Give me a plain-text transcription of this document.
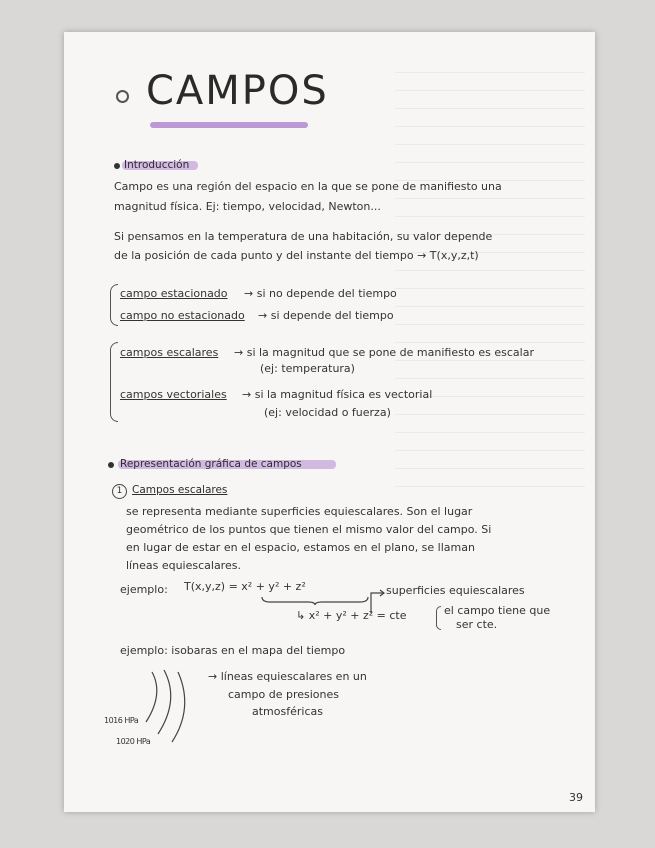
CAMPOS
Introducción
Campo es una región del espacio en la que se pone de manifiesto una
magnitud física. Ej: tiempo, velocidad, Newton...
Si pensamos en la temperatura de una habitación, su valor depende
de la posición de cada punto y del instante del tiempo → T(x,y,z,t)
campo estacionado → si no depende del tiempo
campo no estacionado → si depende del tiempo
campos escalares → si la magnitud que se pone de manifiesto es escalar
(ej: temperatura)
campos vectoriales → si la magnitud física es vectorial
(ej: velocidad o fuerza)
Representación gráfica de campos
1 Campos escalares
se representa mediante superficies equiescalares. Son el lugar
geométrico de los puntos que tienen el mismo valor del campo. Si
en lugar de estar en el espacio, estamos en el plano, se llaman
líneas equiescalares.
ejemplo: T(x,y,z) = x² + y² + z²	superficies equiescalares
↳ x² + y² + z² = cte	el campo tiene que
ser cte.
ejemplo: isobaras en el mapa del tiempo
→ líneas equiescalares en un
campo de presiones
atmosféricas
1016 HPa
1020 HPa
39
